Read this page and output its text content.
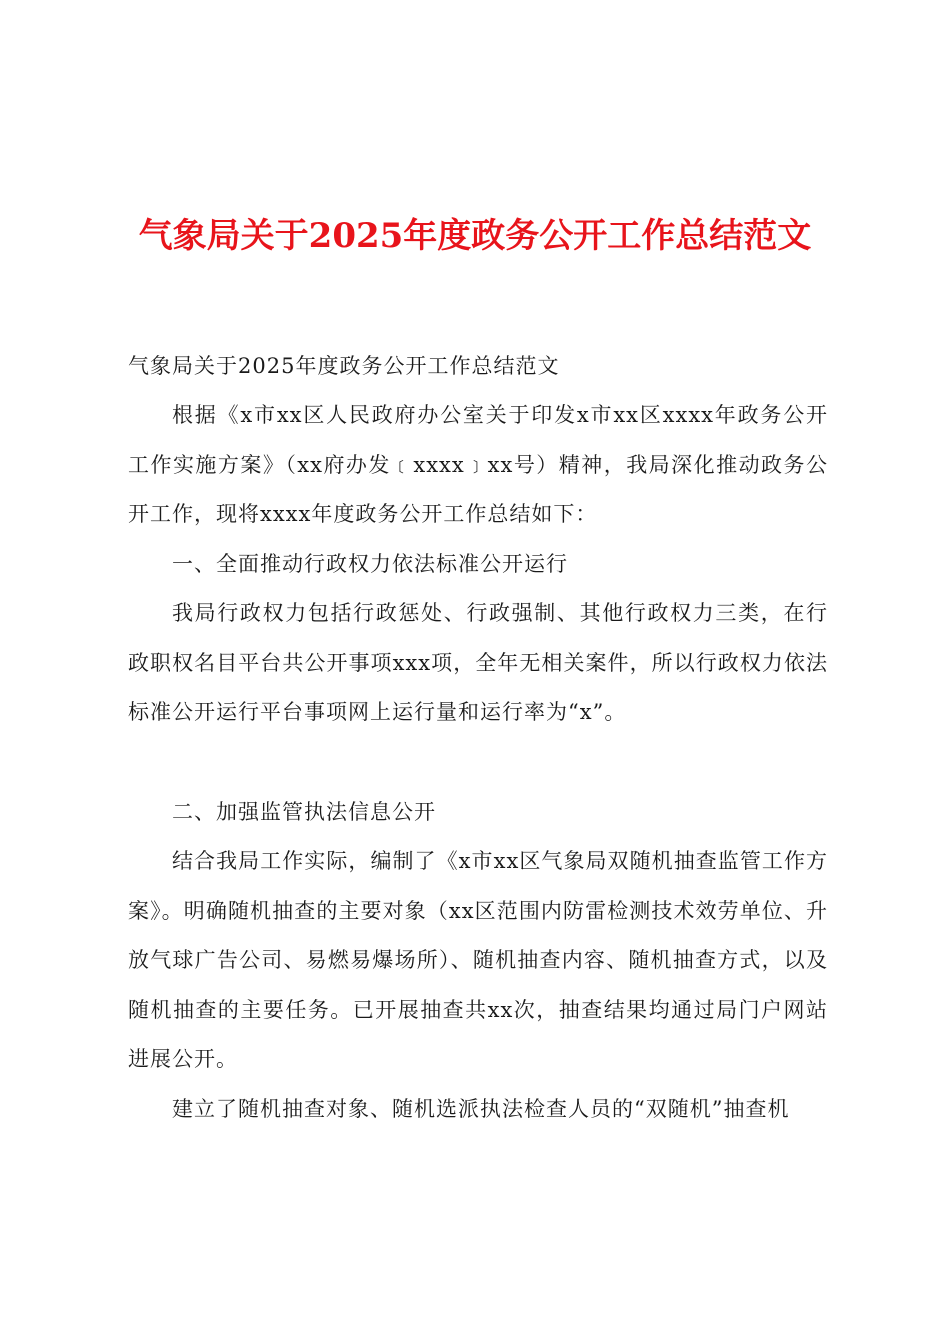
气象局关于2025年度政务公开工作总结范文

气象局关于2025年度政务公开工作总结范文

根据《x市xx区人民政府办公室关于印发x市xx区xxxx年政务公开工作实施方案》（xx府办发﹝xxxx﹞xx号）精神，我局深化推动政务公开工作，现将xxxx年度政务公开工作总结如下：

一、全面推动行政权力依法标准公开运行

我局行政权力包括行政惩处、行政强制、其他行政权力三类，在行政职权名目平台共公开事项xxx项，全年无相关案件，所以行政权力依法标准公开运行平台事项网上运行量和运行率为“x”。

二、加强监管执法信息公开

结合我局工作实际，编制了《x市xx区气象局双随机抽查监管工作方案》。明确随机抽查的主要对象（xx区范围内防雷检测技术效劳单位、升放气球广告公司、易燃易爆场所）、随机抽查内容、随机抽查方式，以及随机抽查的主要任务。已开展抽查共xx次，抽查结果均通过局门户网站进展公开。

建立了随机抽查对象、随机选派执法检查人员的“双随机”抽查机
